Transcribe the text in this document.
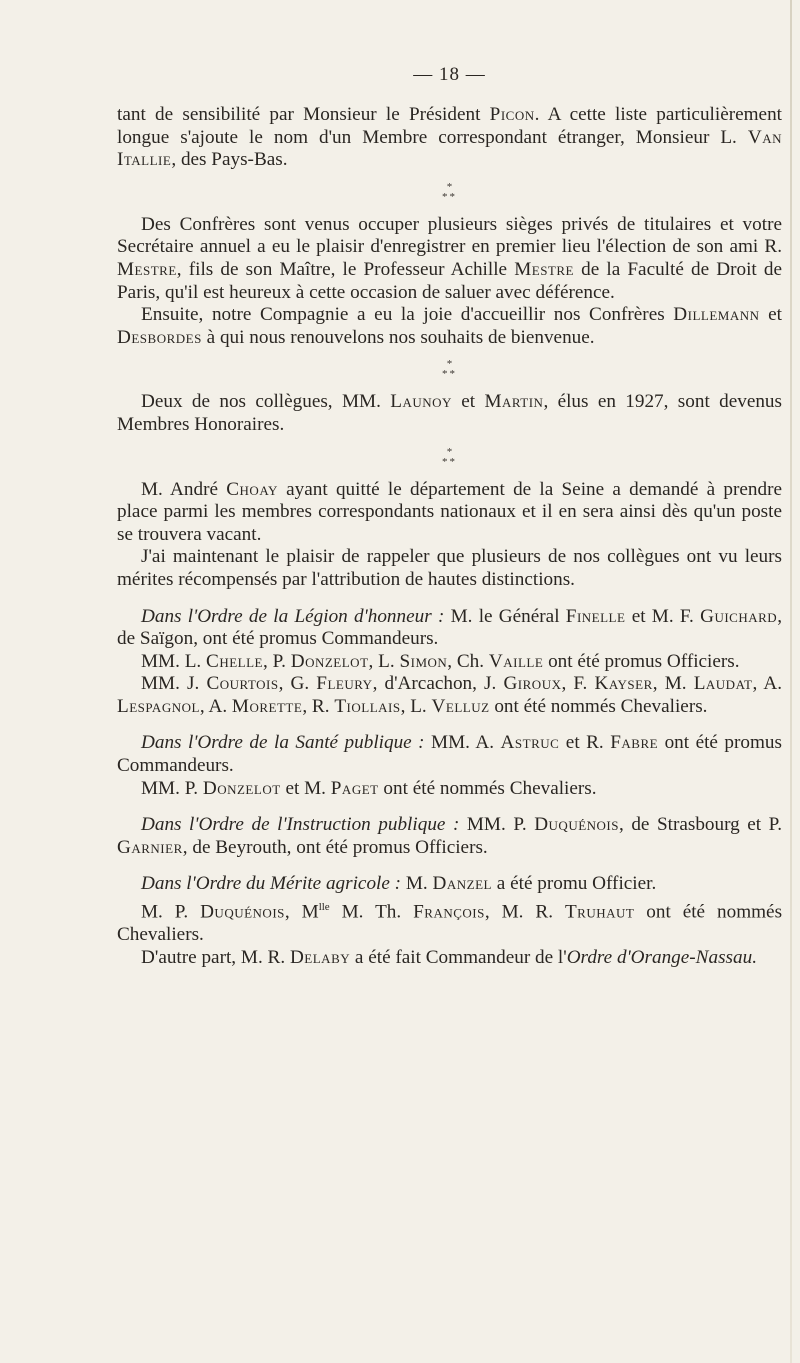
— 18 —

tant de sensibilité par Monsieur le Président Picon. A cette liste particulièrement longue s'ajoute le nom d'un Membre correspondant étranger, Monsieur L. Van Itallie, des Pays-Bas.

*
**

Des Confrères sont venus occuper plusieurs sièges privés de titulaires et votre Secrétaire annuel a eu le plaisir d'enregistrer en premier lieu l'élection de son ami R. Mestre, fils de son Maître, le Professeur Achille Mestre de la Faculté de Droit de Paris, qu'il est heureux à cette occasion de saluer avec déférence.

Ensuite, notre Compagnie a eu la joie d'accueillir nos Confrères Dillemann et Desbordes à qui nous renouvelons nos souhaits de bienvenue.

*
**

Deux de nos collègues, MM. Launoy et Martin, élus en 1927, sont devenus Membres Honoraires.

*
**

M. André Choay ayant quitté le département de la Seine a demandé à prendre place parmi les membres correspondants nationaux et il en sera ainsi dès qu'un poste se trouvera vacant.

J'ai maintenant le plaisir de rappeler que plusieurs de nos collègues ont vu leurs mérites récompensés par l'attribution de hautes distinctions.

Dans l'Ordre de la Légion d'honneur : M. le Général Finelle et M. F. Guichard, de Saïgon, ont été promus Commandeurs.

MM. L. Chelle, P. Donzelot, L. Simon, Ch. Vaille ont été promus Officiers.

MM. J. Courtois, G. Fleury, d'Arcachon, J. Giroux, F. Kayser, M. Laudat, A. Lespagnol, A. Morette, R. Tiollais, L. Velluz ont été nommés Chevaliers.

Dans l'Ordre de la Santé publique : MM. A. Astruc et R. Fabre ont été promus Commandeurs.

MM. P. Donzelot et M. Paget ont été nommés Chevaliers.

Dans l'Ordre de l'Instruction publique : MM. P. Duquénois, de Strasbourg et P. Garnier, de Beyrouth, ont été promus Officiers.

Dans l'Ordre du Mérite agricole : M. Danzel a été promu Officier.

M. P. Duquénois, $M^{lle}$ M. Th. François, M. R. Truhaut ont été nommés Chevaliers.

D'autre part, M. R. Delaby a été fait Commandeur de l'Ordre d'Orange-Nassau.
